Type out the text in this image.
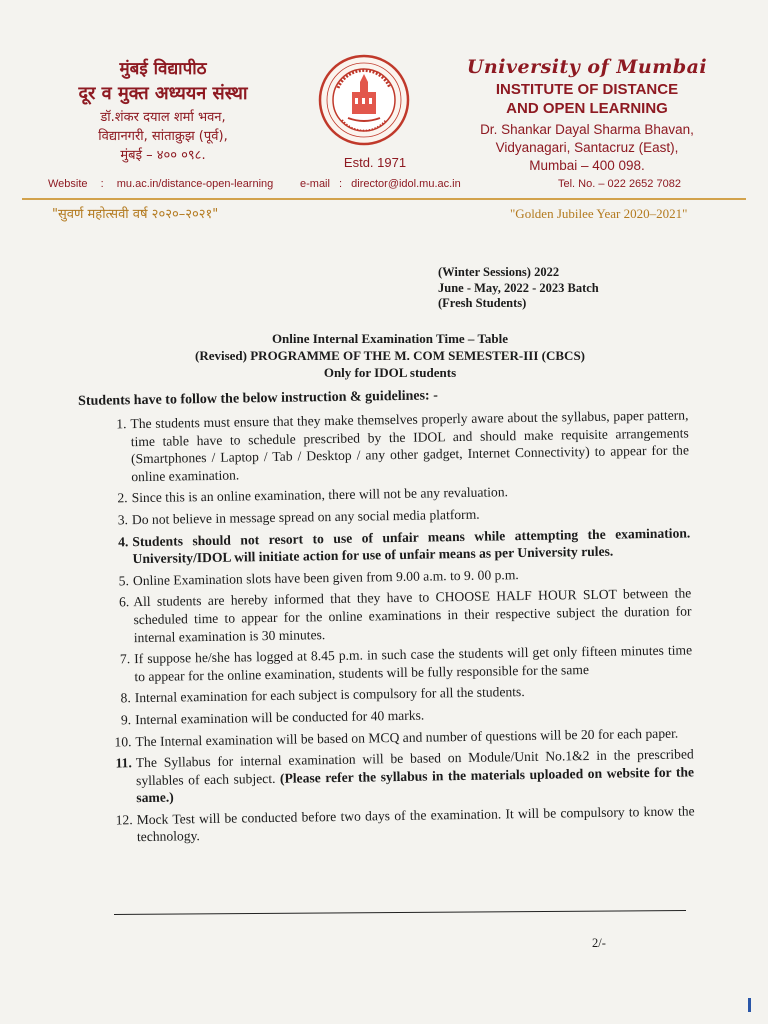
मुंबई विद्यापीठ
दूर व मुक्त अध्ययन संस्था
डॉ.शंकर दयाल शर्मा भवन,
विद्यानगरी, सांताक्रुझ (पूर्व),
मुंबई – ४०० ०९८.	Estd. 1971
University of Mumbai
INSTITUTE OF DISTANCE
AND OPEN LEARNING
Dr. Shankar Dayal Sharma Bhavan,
Vidyanagari, Santacruz (East),
Mumbai – 400 098.
Website : mu.ac.in/distance-open-learning e-mail : director@idol.mu.ac.in	Tel. No. – 022 2652 7082
"सुवर्ण महोत्सवी वर्ष २०२०–२०२१"	"Golden Jubilee Year 2020–2021"
(Winter Sessions) 2022
June - May, 2022 - 2023 Batch
(Fresh Students)
Online Internal Examination Time – Table
(Revised) PROGRAMME OF THE M. COM SEMESTER-III (CBCS)
Only for IDOL students
Students have to follow the below instruction & guidelines: -
1. The students must ensure that they make themselves properly aware about the syllabus, paper pattern, time table have to schedule prescribed by the IDOL and should make requisite arrangements (Smartphones / Laptop / Tab / Desktop / any other gadget, Internet Connectivity) to appear for the online examination.
2. Since this is an online examination, there will not be any revaluation.
3. Do not believe in message spread on any social media platform.
4. Students should not resort to use of unfair means while attempting the examination. University/IDOL will initiate action for use of unfair means as per University rules.
5. Online Examination slots have been given from 9.00 a.m. to 9. 00 p.m.
6. All students are hereby informed that they have to CHOOSE HALF HOUR SLOT between the scheduled time to appear for the online examinations in their respective subject the duration for internal examination is 30 minutes.
7. If suppose he/she has logged at 8.45 p.m. in such case the students will get only fifteen minutes time to appear for the online examination, students will be fully responsible for the same
8. Internal examination for each subject is compulsory for all the students.
9. Internal examination will be conducted for 40 marks.
10. The Internal examination will be based on MCQ and number of questions will be 20 for each paper.
11. The Syllabus for internal examination will be based on Module/Unit No.1&2 in the prescribed syllables of each subject. (Please refer the syllabus in the materials uploaded on website for the same.)
12. Mock Test will be conducted before two days of the examination. It will be compulsory to know the technology.
2/-
